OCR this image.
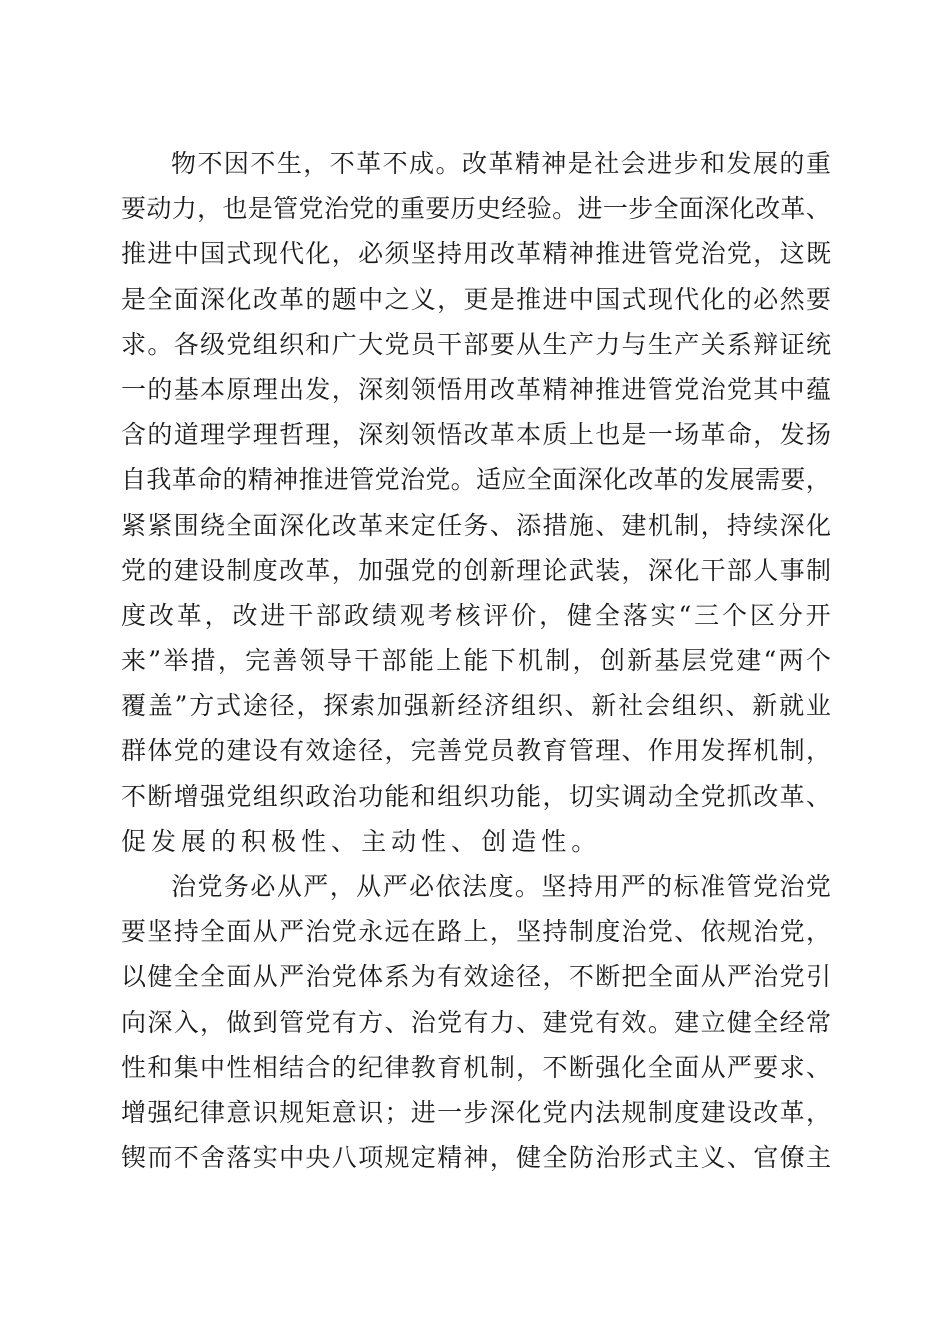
物 不 因 不 生 ， 不 革 不 成 。 改 革 精 神 是 社 会 进 步 和 发 展 的 重
要 动 力 ， 也 是 管 党 治 党 的 重 要 历 史 经 验 。 进 一 步 全 面 深 化 改 革 、
推 进 中 国 式 现 代 化 ， 必 须 坚 持 用 改 革 精 神 推 进 管 党 治 党 ， 这 既
是 全 面 深 化 改 革 的 题 中 之 义 ， 更 是 推 进 中 国 式 现 代 化 的 必 然 要
求 。 各 级 党 组 织 和 广 大 党 员 干 部 要 从 生 产 力 与 生 产 关 系 辩 证 统
一 的 基 本 原 理 出 发 ， 深 刻 领 悟 用 改 革 精 神 推 进 管 党 治 党 其 中 蕴
含 的 道 理 学 理 哲 理 ， 深 刻 领 悟 改 革 本 质 上 也 是 一 场 革 命 ， 发 扬
自 我 革 命 的 精 神 推 进 管 党 治 党 。 适 应 全 面 深 化 改 革 的 发 展 需 要 ，
紧 紧 围 绕 全 面 深 化 改 革 来 定 任 务 、 添 措 施 、 建 机 制 ， 持 续 深 化
党 的 建 设 制 度 改 革 ， 加 强 党 的 创 新 理 论 武 装 ， 深 化 干 部 人 事 制
度 改 革 ， 改 进 干 部 政 绩 观 考 核 评 价 ， 健 全 落 实 “ 三 个 区 分 开
来 ” 举 措 ， 完 善 领 导 干 部 能 上 能 下 机 制 ， 创 新 基 层 党 建 “ 两 个
覆 盖 ” 方 式 途 径 ， 探 索 加 强 新 经 济 组 织 、 新 社 会 组 织 、 新 就 业
群 体 党 的 建 设 有 效 途 径 ， 完 善 党 员 教 育 管 理 、 作 用 发 挥 机 制 ，
不 断 增 强 党 组 织 政 治 功 能 和 组 织 功 能 ， 切 实 调 动 全 党 抓 改 革 、
促 发 展 的 积 极 性 、 主 动 性 、 创 造 性 。
治 党 务 必 从 严 ， 从 严 必 依 法 度 。 坚 持 用 严 的 标 准 管 党 治 党
要 坚 持 全 面 从 严 治 党 永 远 在 路 上 ， 坚 持 制 度 治 党 、 依 规 治 党 ，
以 健 全 全 面 从 严 治 党 体 系 为 有 效 途 径 ， 不 断 把 全 面 从 严 治 党 引
向 深 入 ， 做 到 管 党 有 方 、 治 党 有 力 、 建 党 有 效 。 建 立 健 全 经 常
性 和 集 中 性 相 结 合 的 纪 律 教 育 机 制 ， 不 断 强 化 全 面 从 严 要 求 、
增 强 纪 律 意 识 规 矩 意 识 ； 进 一 步 深 化 党 内 法 规 制 度 建 设 改 革 ，
锲 而 不 舍 落 实 中 央 八 项 规 定 精 神 ， 健 全 防 治 形 式 主 义 、 官 僚 主
